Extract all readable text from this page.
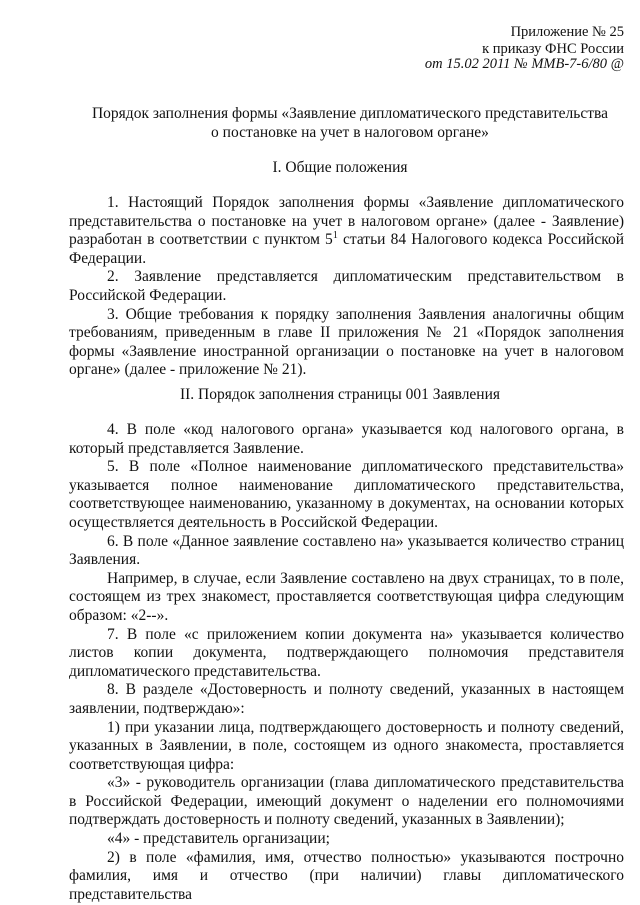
Приложение № 25
к приказу ФНС России
от 15.02 2011 № ММВ-7-6/80 @
Порядок заполнения формы «Заявление дипломатического представительства
о постановке на учет в налоговом органе»
I. Общие положения

1. Настоящий Порядок заполнения формы «Заявление дипломатического представительства о постановке на учет в налоговом органе» (далее - Заявление) разработан в соответствии с пунктом $5^1$ статьи 84 Налогового кодекса Российской Федерации.

2. Заявление представляется дипломатическим представительством в Российской Федерации.

3. Общие требования к порядку заполнения Заявления аналогичны общим требованиям, приведенным в главе II приложения № 21 «Порядок заполнения формы «Заявление иностранной организации о постановке на учет в налоговом органе» (далее - приложение № 21).

II. Порядок заполнения страницы 001 Заявления

4. В поле «код налогового органа» указывается код налогового органа, в который представляется Заявление.

5. В поле «Полное наименование дипломатического представительства» указывается полное наименование дипломатического представительства, соответствующее наименованию, указанному в документах, на основании которых осуществляется деятельность в Российской Федерации.

6. В поле «Данное заявление составлено на» указывается количество страниц Заявления.

Например, в случае, если Заявление составлено на двух страницах, то в поле, состоящем из трех знакомест, проставляется соответствующая цифра следующим образом: «2--».

7. В поле «с приложением копии документа на» указывается количество листов копии документа, подтверждающего полномочия представителя дипломатического представительства.

8. В разделе «Достоверность и полноту сведений, указанных в настоящем заявлении, подтверждаю»:

1) при указании лица, подтверждающего достоверность и полноту сведений, указанных в Заявлении, в поле, состоящем из одного знакоместа, проставляется соответствующая цифра:

«3» - руководитель организации (глава дипломатического представительства в Российской Федерации, имеющий документ о наделении его полномочиями подтверждать достоверность и полноту сведений, указанных в Заявлении);

«4» - представитель организации;

2) в поле «фамилия, имя, отчество полностью» указываются построчно фамилия, имя и отчество (при наличии) главы дипломатического представительства
